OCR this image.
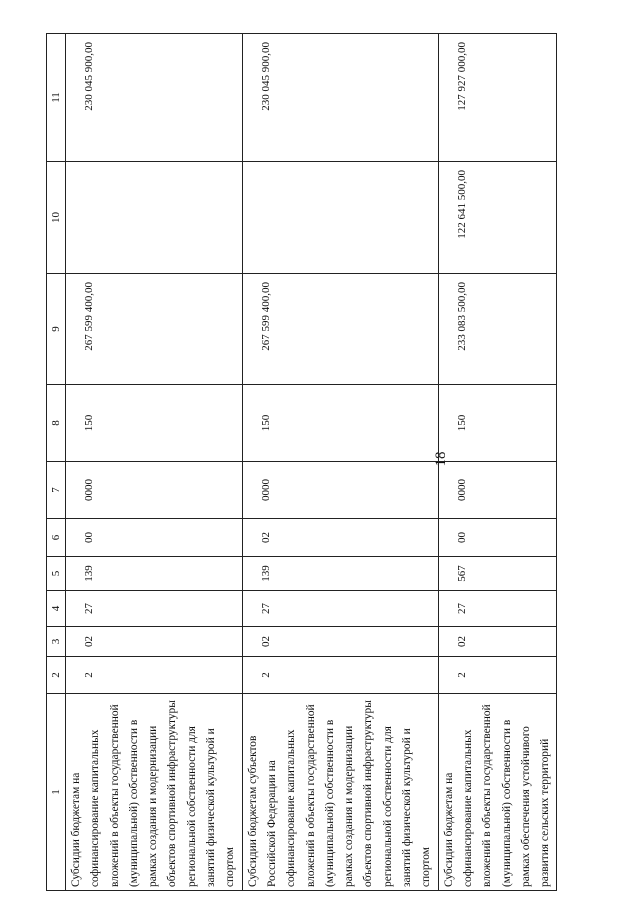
18
1	2	3	4	5	6	7	8	9	10	11
Субсидии бюджетам на софинансирование капитальных вложений в объекты государственной (муниципальной) собственности в рамках создания и модернизации объектов спортивной инфраструктуры региональной собственности для занятий физической культурой и спортом	2	02	27	139	00	0000	150	267 599 400,00		230 045 900,00
Субсидии бюджетам субъектов Российской Федерации на софинансирование капитальных вложений в объекты государственной (муниципальной) собственности в рамках создания и модернизации объектов спортивной инфраструктуры региональной собственности для занятий физической культурой и спортом	2	02	27	139	02	0000	150	267 599 400,00		230 045 900,00
Субсидии бюджетам на софинансирование капитальных вложений в объекты государственной (муниципальной) собственности в рамках обеспечения устойчивого развития сельских территорий	2	02	27	567	00	0000	150	233 083 500,00	122 641 500,00	127 927 000,00
